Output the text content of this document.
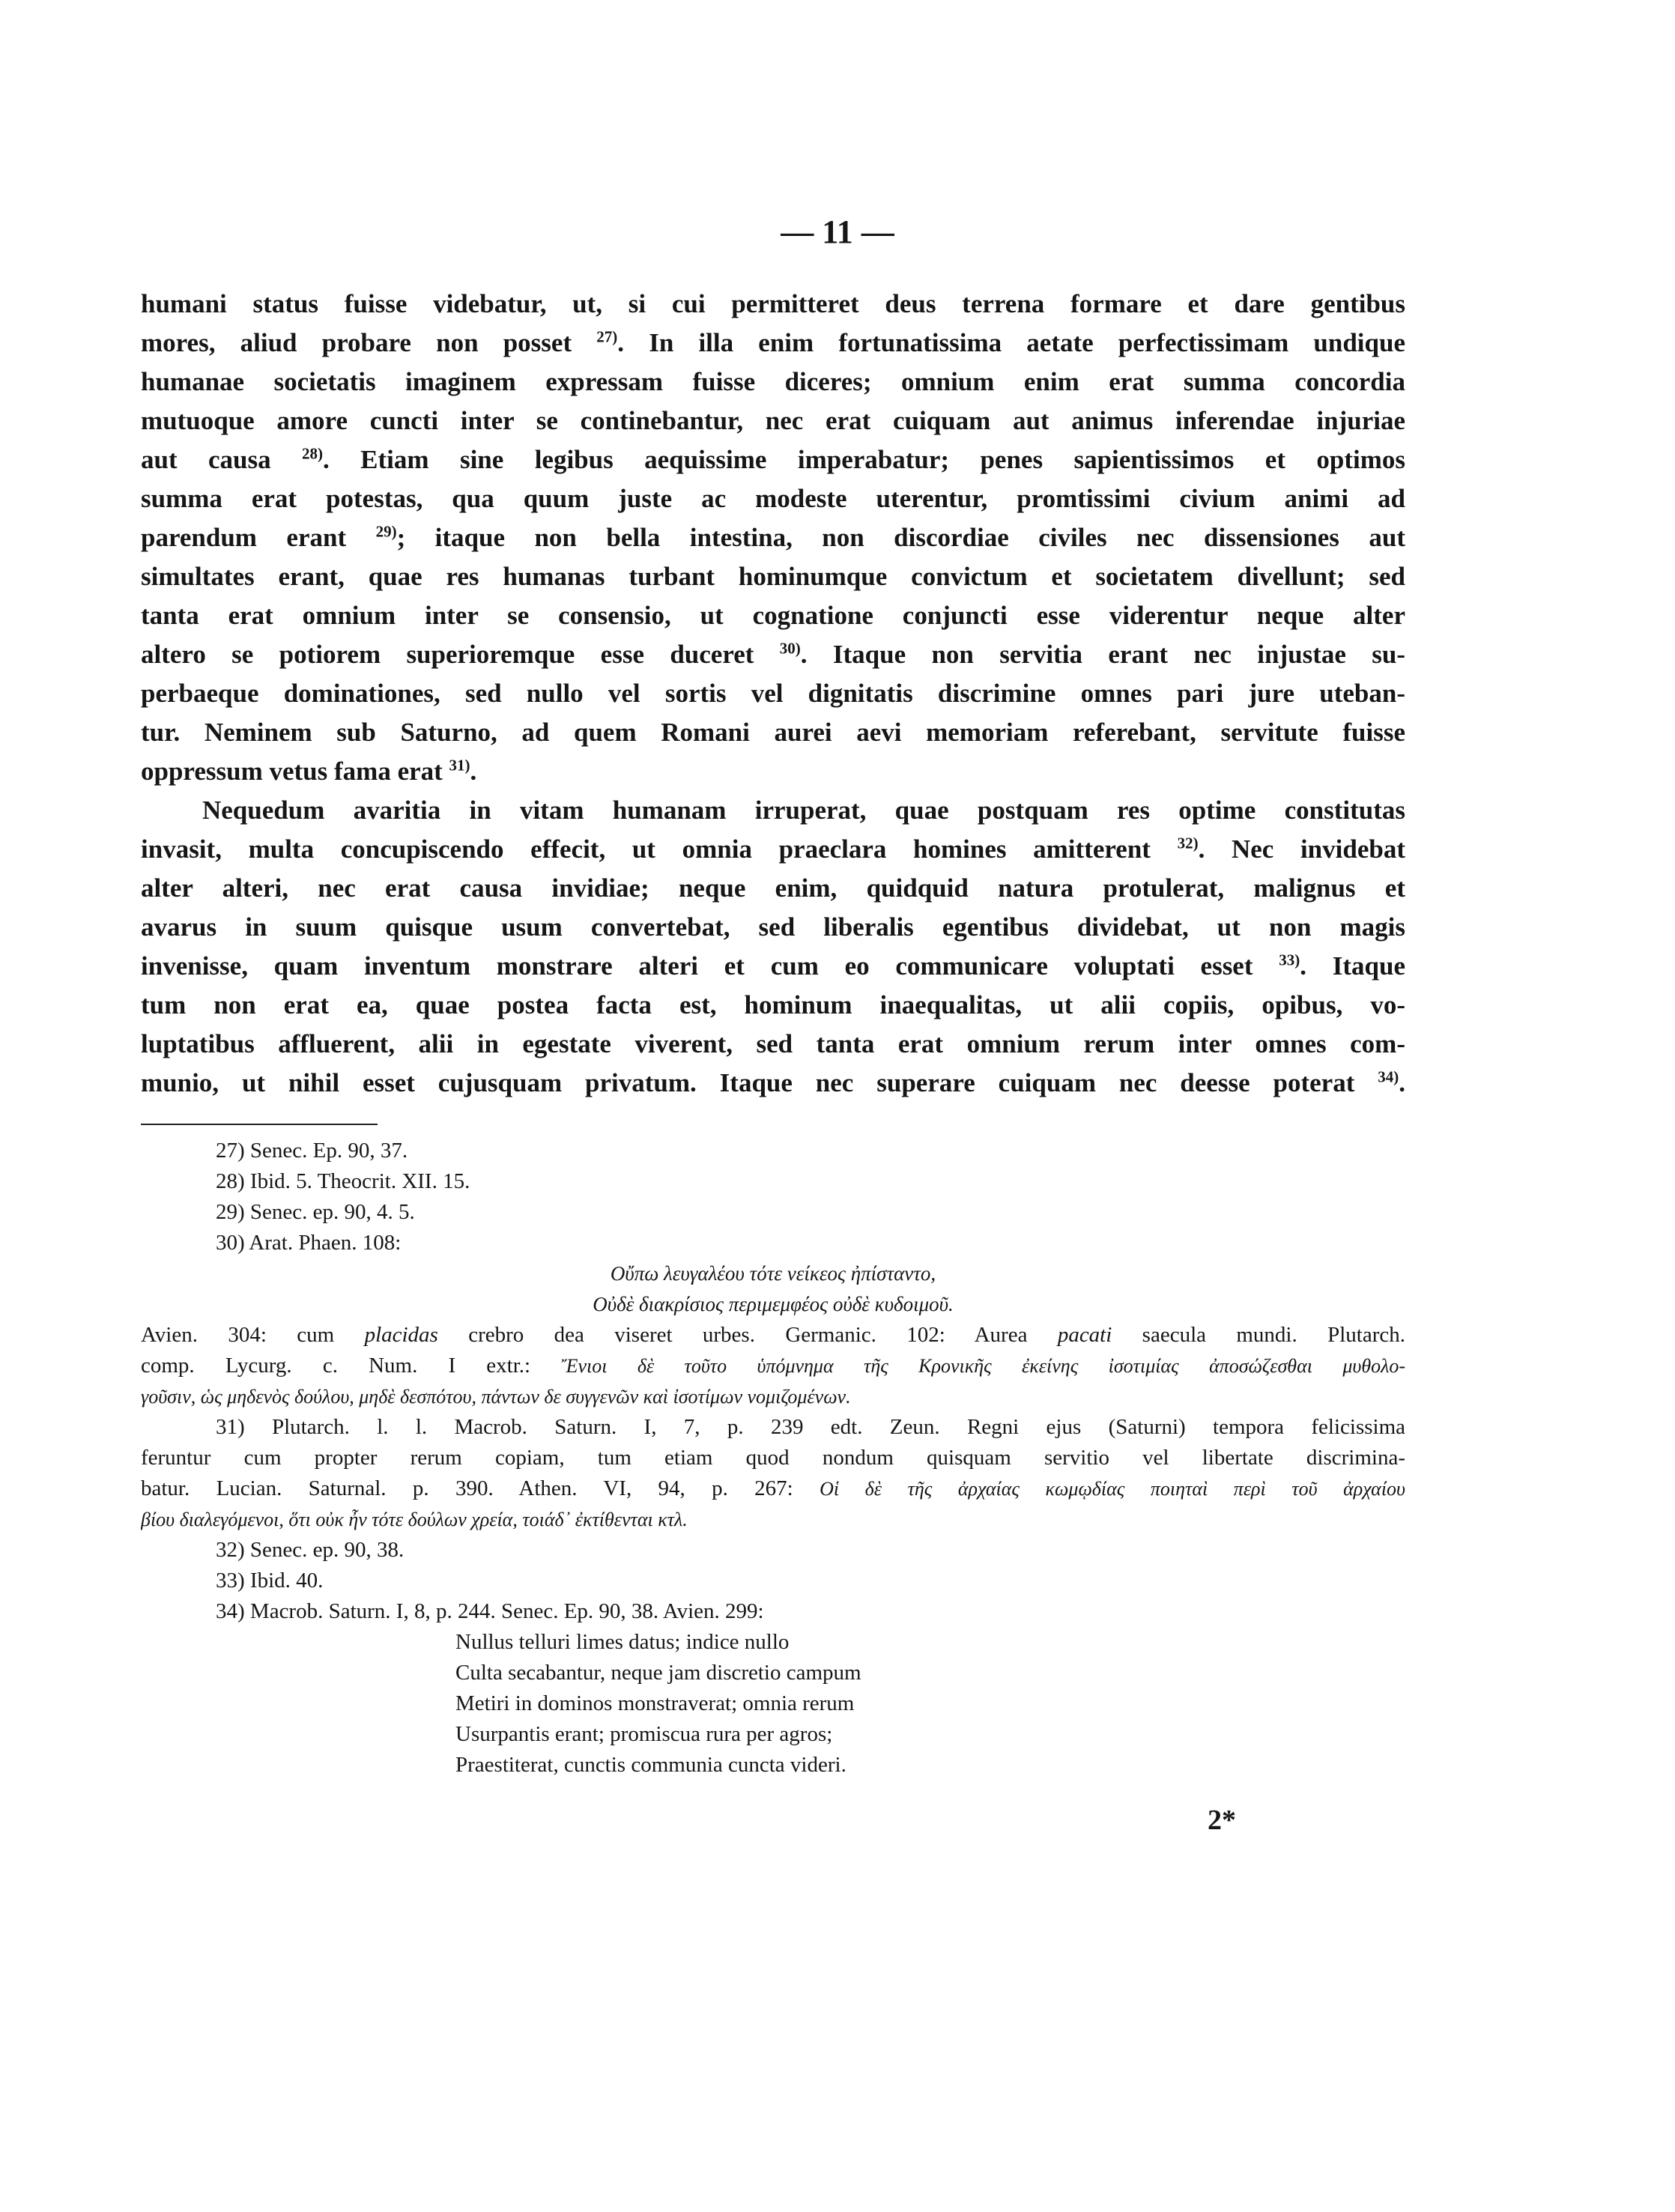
— 11 —
humani status fuisse videbatur, ut, si cui permitteret deus terrena formare et dare gentibus
mores, aliud probare non posset $^{27)}$. In illa enim fortunatissima aetate perfectissimam undique
humanae societatis imaginem expressam fuisse diceres; omnium enim erat summa concordia
mutuoque amore cuncti inter se continebantur, nec erat cuiquam aut animus inferendae injuriae
aut causa $^{28)}$. Etiam sine legibus aequissime imperabatur; penes sapientissimos et optimos
summa erat potestas, qua quum juste ac modeste uterentur, promtissimi civium animi ad
parendum erant $^{29)}$; itaque non bella intestina, non discordiae civiles nec dissensiones aut
simultates erant, quae res humanas turbant hominumque convictum et societatem divellunt; sed
tanta erat omnium inter se consensio, ut cognatione conjuncti esse viderentur neque alter
altero se potiorem superioremque esse duceret $^{30)}$. Itaque non servitia erant nec injustae su-
perbaeque dominationes, sed nullo vel sortis vel dignitatis discrimine omnes pari jure uteban-
tur. Neminem sub Saturno, ad quem Romani aurei aevi memoriam referebant, servitute fuisse
oppressum vetus fama erat $^{31)}$.
Nequedum avaritia in vitam humanam irruperat, quae postquam res optime constitutas
invasit, multa concupiscendo effecit, ut omnia praeclara homines amitterent $^{32)}$. Nec invidebat
alter alteri, nec erat causa invidiae; neque enim, quidquid natura protulerat, malignus et
avarus in suum quisque usum convertebat, sed liberalis egentibus dividebat, ut non magis
invenisse, quam inventum monstrare alteri et cum eo communicare voluptati esset $^{33)}$. Itaque
tum non erat ea, quae postea facta est, hominum inaequalitas, ut alii copiis, opibus, vo-
luptatibus affluerent, alii in egestate viverent, sed tanta erat omnium rerum inter omnes com-
munio, ut nihil esset cujusquam privatum. Itaque nec superare cuiquam nec deesse poterat $^{34)}$.
27) Senec. Ep. 90, 37.
28) Ibid. 5. Theocrit. XII. 15.
29) Senec. ep. 90, 4. 5.
30) Arat. Phaen. 108:
Οὔπω λευγαλέου τότε νείκεος ἠπίσταντο,
Οὐδὲ διακρίσιος περιμεμφέος οὐδὲ κυδοιμοῦ.
Avien. 304: cum placidas crebro dea viseret urbes. Germanic. 102: Aurea pacati saecula mundi. Plutarch.
comp. Lycurg. c. Num. I extr.: Ἔνιοι δὲ τοῦτο ὑπόμνημα τῆς Κρονικῆς ἐκείνης ἰσοτιμίας ἀποσώζεσθαι μυθολο-
γοῦσιν, ὡς μηδενὸς δούλου, μηδὲ δεσπότου, πάντων δε συγγενῶν καὶ ἰσοτίμων νομιζομένων.
31) Plutarch. l. l. Macrob. Saturn. I, 7, p. 239 edt. Zeun. Regni ejus (Saturni) tempora felicissima
feruntur cum propter rerum copiam, tum etiam quod nondum quisquam servitio vel libertate discrimina-
batur. Lucian. Saturnal. p. 390. Athen. VI, 94, p. 267: Οἱ δὲ τῆς ἀρχαίας κωμῳδίας ποιηταὶ περὶ τοῦ ἀρχαίου
βίου διαλεγόμενοι, ὅτι οὐκ ἦν τότε δούλων χρεία, τοιάδ᾽ ἐκτίθενται κτλ.
32) Senec. ep. 90, 38.
33) Ibid. 40.
34) Macrob. Saturn. I, 8, p. 244. Senec. Ep. 90, 38. Avien. 299:
Nullus telluri limes datus; indice nullo
Culta secabantur, neque jam discretio campum
Metiri in dominos monstraverat; omnia rerum
Usurpantis erant; promiscua rura per agros;
Praestiterat, cunctis communia cuncta videri.
2*
